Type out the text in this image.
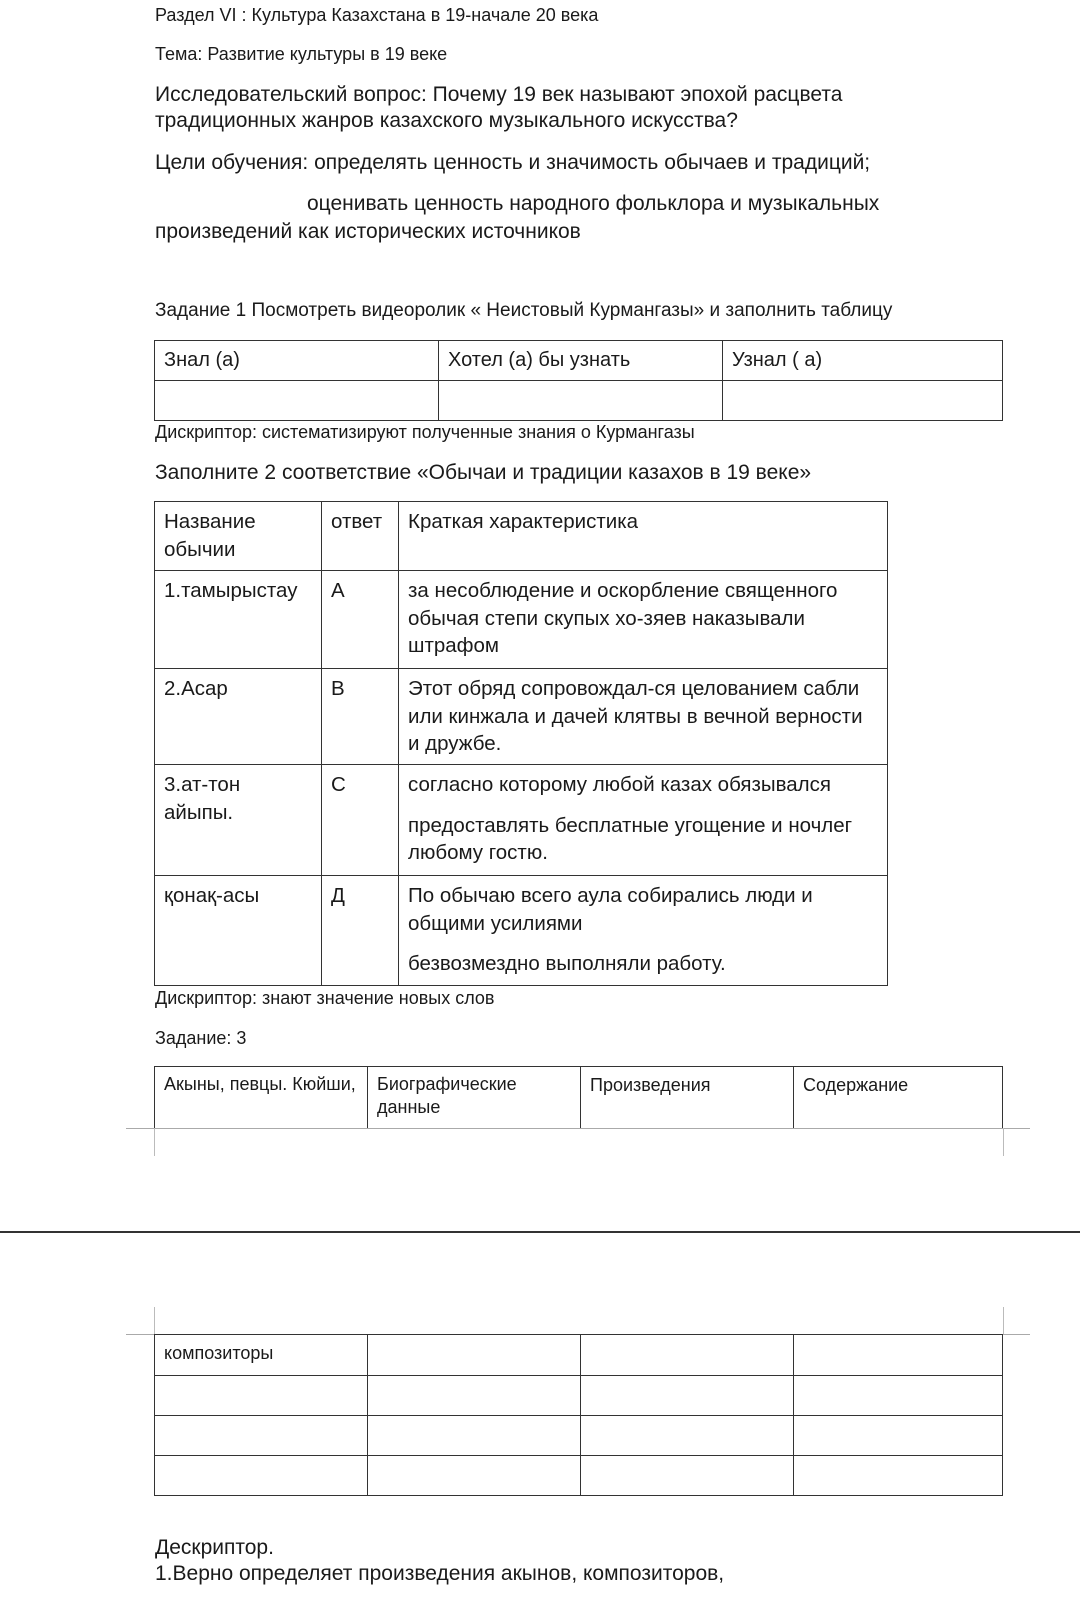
Раздел VI : Культура Казахстана в 19-начале 20 века
Тема: Развитие культуры в 19 веке
Исследовательский вопрос: Почему 19 век называют эпохой расцвета
традиционных жанров казахского музыкального искусства?
Цели обучения: определять ценность и значимость обычаев и традиций;
оценивать ценность народного фольклора и музыкальных
произведений как исторических источников
Задание 1 Посмотреть видеоролик « Неистовый Курмангазы» и заполнить таблицу
Знал (а)	Хотел (а) бы узнать	Узнал ( а)

Дискриптор: систематизируют полученные знания о Курмангазы
Заполните 2 соответствие «Обычаи и традиции казахов в 19 веке»
Название обычии	ответ	Краткая характеристика
1.тамырыстау	А	за несоблюдение и оскорбление священного обычая степи скупых хо-зяев наказывали штрафом
2.Асар	В	Этот обряд сопровождал-ся целованием сабли или кинжала и дачей клятвы в вечной верности и дружбе.
3.ат-тон айыпы.	С	согласно которому любой казах обязывался
предоставлять бесплатные угощение и ночлег любому гостю.

қонақ-асы	Д	По обычаю всего аула собирались люди и общими усилиями
безвозмездно выполняли работу.
Дискриптор: знают значение новых слов
Задание: 3
Акыны, певцы. Кюйши,	Биографические данные	Произведения	Содержание
композиторы			

Дескриптор.
1.Верно определяет произведения акынов, композиторов,
